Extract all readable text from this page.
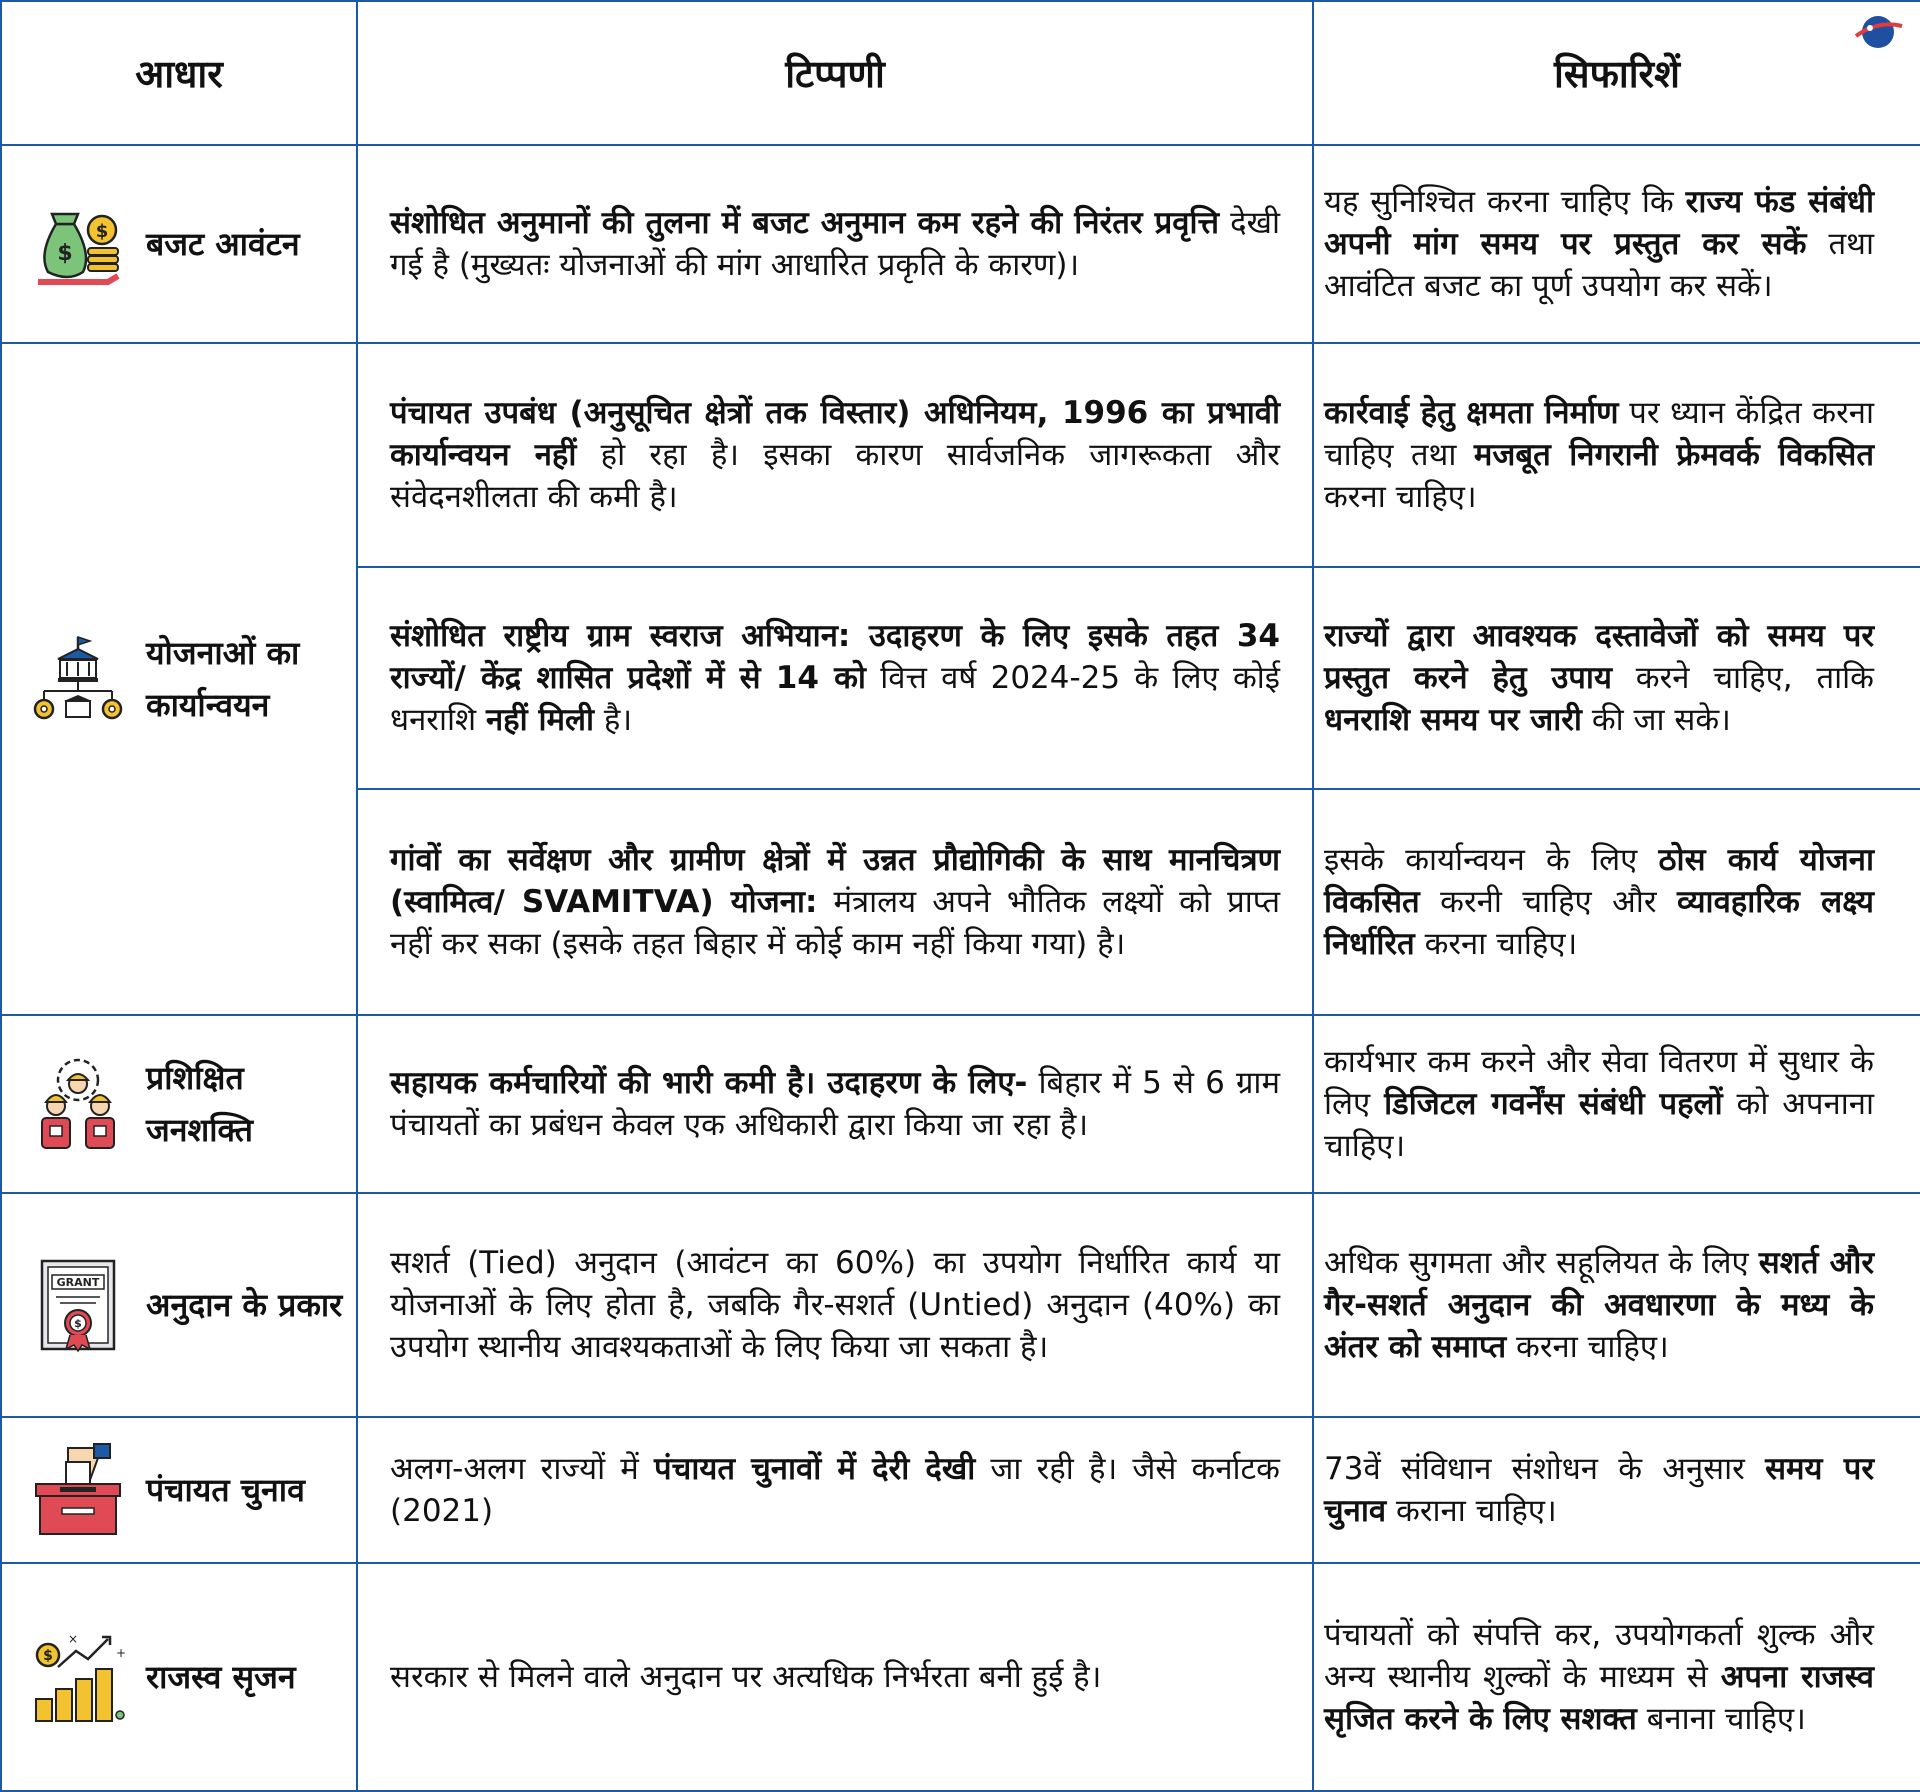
आधार	टिप्पणी	सिफारिशें

$
$ बजट आवंटन	संशोधित अनुमानों की तुलना में बजट अनुमान कम रहने की निरंतर प्रवृत्ति देखी गई है (मुख्यतः योजनाओं की मांग आधारित प्रकृति के कारण)।	यह सुनिश्चित करना चाहिए कि राज्य फंड संबंधी अपनी मांग समय पर प्रस्तुत कर सकें तथा आवंटित बजट का पूर्ण उपयोग कर सकें।

योजनाओं का कार्यान्वयन	पंचायत उपबंध (अनुसूचित क्षेत्रों तक विस्तार) अधिनियम, 1996 का प्रभावी कार्यान्वयन नहीं हो रहा है। इसका कारण सार्वजनिक जागरूकता और संवेदनशीलता की कमी है।	कार्रवाई हेतु क्षमता निर्माण पर ध्यान केंद्रित करना चाहिए तथा मजबूत निगरानी फ्रेमवर्क विकसित करना चाहिए।

	संशोधित राष्ट्रीय ग्राम स्वराज अभियान: उदाहरण के लिए इसके तहत 34 राज्यों/ केंद्र शासित प्रदेशों में से 14 को वित्त वर्ष 2024-25 के लिए कोई धनराशि नहीं मिली है।	राज्यों द्वारा आवश्यक दस्तावेजों को समय पर प्रस्तुत करने हेतु उपाय करने चाहिए, ताकि धनराशि समय पर जारी की जा सके।

	गांवों का सर्वेक्षण और ग्रामीण क्षेत्रों में उन्नत प्रौद्योगिकी के साथ मानचित्रण (स्वामित्व/ SVAMITVA) योजना: मंत्रालय अपने भौतिक लक्ष्यों को प्राप्त नहीं कर सका (इसके तहत बिहार में कोई काम नहीं किया गया) है।	इसके कार्यान्वयन के लिए ठोस कार्य योजना विकसित करनी चाहिए और व्यावहारिक लक्ष्य निर्धारित करना चाहिए।

प्रशिक्षित जनशक्ति	सहायक कर्मचारियों की भारी कमी है। उदाहरण के लिए- बिहार में 5 से 6 ग्राम पंचायतों का प्रबंधन केवल एक अधिकारी द्वारा किया जा रहा है।	कार्यभार कम करने और सेवा वितरण में सुधार के लिए डिजिटल गवर्नेंस संबंधी पहलों को अपनाना चाहिए।

GRANT
$ अनुदान के प्रकार	सशर्त (Tied) अनुदान (आवंटन का 60%) का उपयोग निर्धारित कार्य या योजनाओं के लिए होता है, जबकि गैर-सशर्त (Untied) अनुदान (40%) का उपयोग स्थानीय आवश्यकताओं के लिए किया जा सकता है।	अधिक सुगमता और सहूलियत के लिए सशर्त और गैर-सशर्त अनुदान की अवधारणा के मध्य के अंतर को समाप्त करना चाहिए।

पंचायत चुनाव	अलग-अलग राज्यों में पंचायत चुनावों में देरी देखी जा रही है। जैसे कर्नाटक (2021)	73वें संविधान संशोधन के अनुसार समय पर चुनाव कराना चाहिए।

$
×
+
राजस्व सृजन	सरकार से मिलने वाले अनुदान पर अत्यधिक निर्भरता बनी हुई है।	पंचायतों को संपत्ति कर, उपयोगकर्ता शुल्क और अन्य स्थानीय शुल्कों के माध्यम से अपना राजस्व सृजित करने के लिए सशक्त बनाना चाहिए।
